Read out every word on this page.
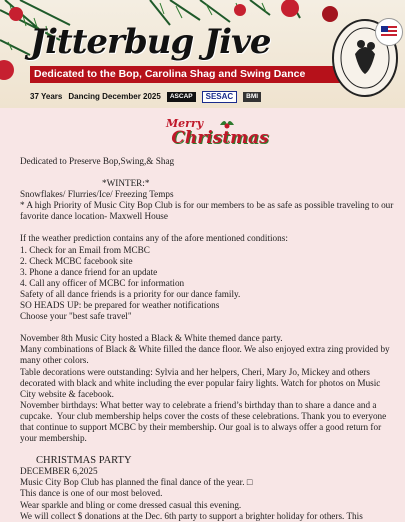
Jitterbug Jive
Dedicated to the Bop, Carolina Shag and Swing Dance
37 Years Dancing December 2025	ASCAP	SESAC	BMI
Merry
Christmas

Dedicated to Preserve Bop,Swing,& Shag

*WINTER:*

Snowflakes/ Flurries/Ice/ Freezing Temps

* A high Priority of Music City Bop Club is for our members to be as safe as possible traveling to our favorite dance location- Maxwell House

If the weather prediction contains any of the afore mentioned conditions:

1. Check for an Email from MCBC

2. Check MCBC facebook site

3. Phone a dance friend for an update

4. Call any officer of MCBC for information

Safety of all dance friends is a priority for our dance family.

SO HEADS UP: be prepared for weather notifications

Choose your "best safe travel"

November 8th Music City hosted a Black & White themed dance party.

Many combinations of Black & White filled the dance floor. We also enjoyed extra zing provided by many other colors.

Table decorations were outstanding: Sylvia and her helpers, Cheri, Mary Jo, Mickey and others decorated with black and white including the ever popular fairy lights. Watch for photos on Music City website & facebook.

November birthdays: What better way to celebrate a friend’s birthday than to share a dance and a cupcake.  Your club membership helps cover the costs of these celebrations. Thank you to everyone that continue to support MCBC by their membership. Our goal is to always offer a good return for your membership.

CHRISTMAS PARTY

DECEMBER 6,2025

Music City Bop Club has planned the final dance of the year. □

This dance is one of our most beloved.

Wear sparkle and bling or come dressed casual this evening.

We will collect $ donations at the Dec. 6th party to support a brighter holiday for others. This
